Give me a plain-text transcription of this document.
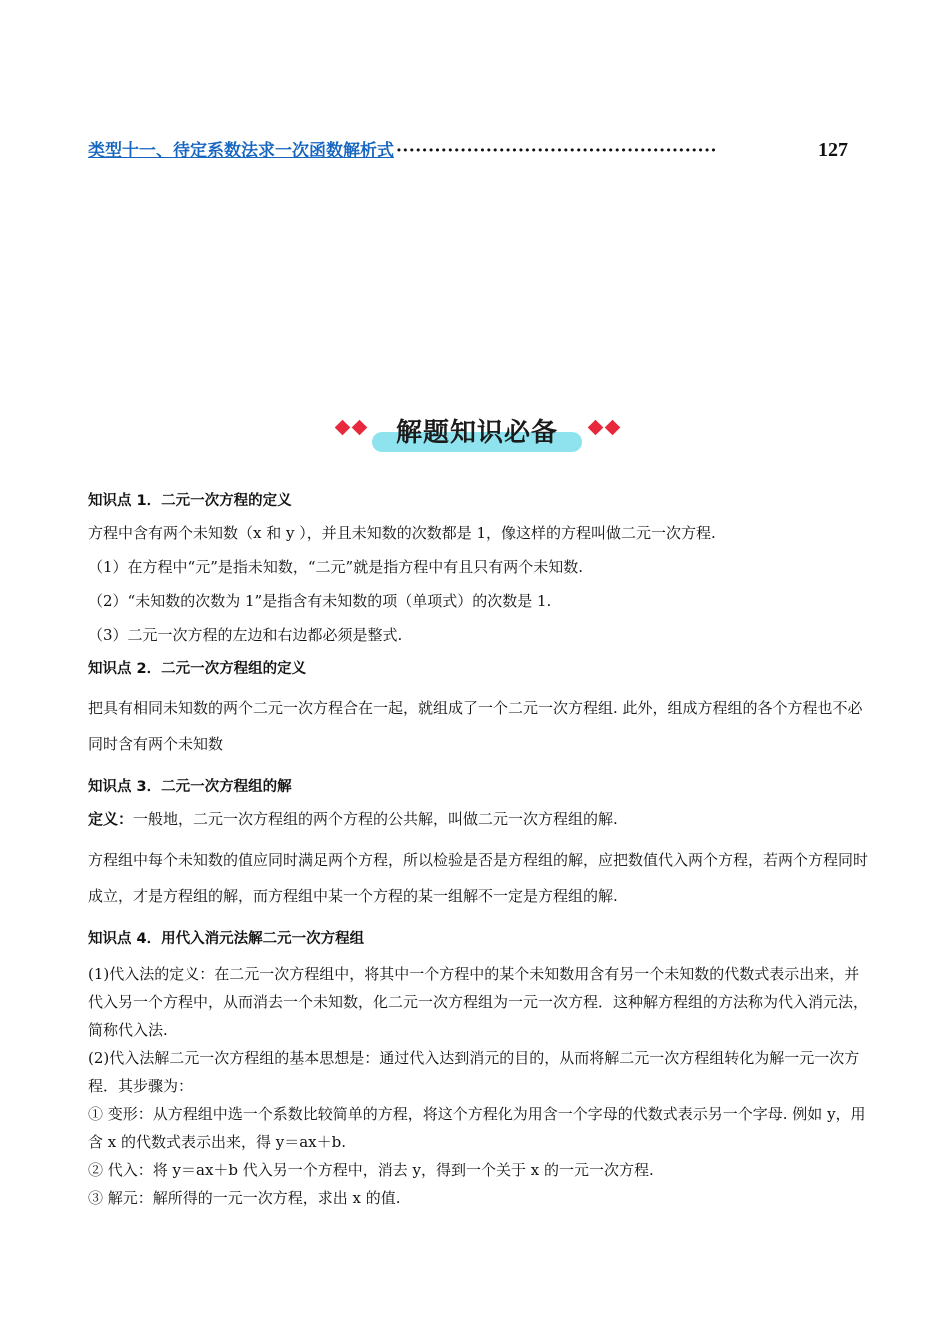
类型十一、待定系数法求一次函数解析式 ··················································	127
解题知识必备
知识点 1．二元一次方程的定义
方程中含有两个未知数（x 和 y ），并且未知数的次数都是 1，像这样的方程叫做二元一次方程.
（1）在方程中“元”是指未知数，“二元”就是指方程中有且只有两个未知数.
（2）“未知数的次数为 1”是指含有未知数的项（单项式）的次数是 1.
（3）二元一次方程的左边和右边都必须是整式.
知识点 2．二元一次方程组的定义
把具有相同未知数的两个二元一次方程合在一起，就组成了一个二元一次方程组. 此外，组成方程组的各个方程也不必同时含有两个未知数
知识点 3．二元一次方程组的解
定义：一般地，二元一次方程组的两个方程的公共解，叫做二元一次方程组的解.
方程组中每个未知数的值应同时满足两个方程，所以检验是否是方程组的解，应把数值代入两个方程，若两个方程同时成立，才是方程组的解，而方程组中某一个方程的某一组解不一定是方程组的解.
知识点 4．用代入消元法解二元一次方程组
(1)代入法的定义：在二元一次方程组中，将其中一个方程中的某个未知数用含有另一个未知数的代数式表示出来，并代入另一个方程中，从而消去一个未知数，化二元一次方程组为一元一次方程．这种解方程组的方法称为代入消元法，简称代入法.
(2)代入法解二元一次方程组的基本思想是：通过代入达到消元的目的，从而将解二元一次方程组转化为解一元一次方程．其步骤为：
① 变形：从方程组中选一个系数比较简单的方程，将这个方程化为用含一个字母的代数式表示另一个字母. 例如 y，用含 x 的代数式表示出来，得 y＝ax＋b.
② 代入：将 y＝ax＋b 代入另一个方程中，消去 y，得到一个关于 x 的一元一次方程.
③ 解元：解所得的一元一次方程，求出 x 的值.
